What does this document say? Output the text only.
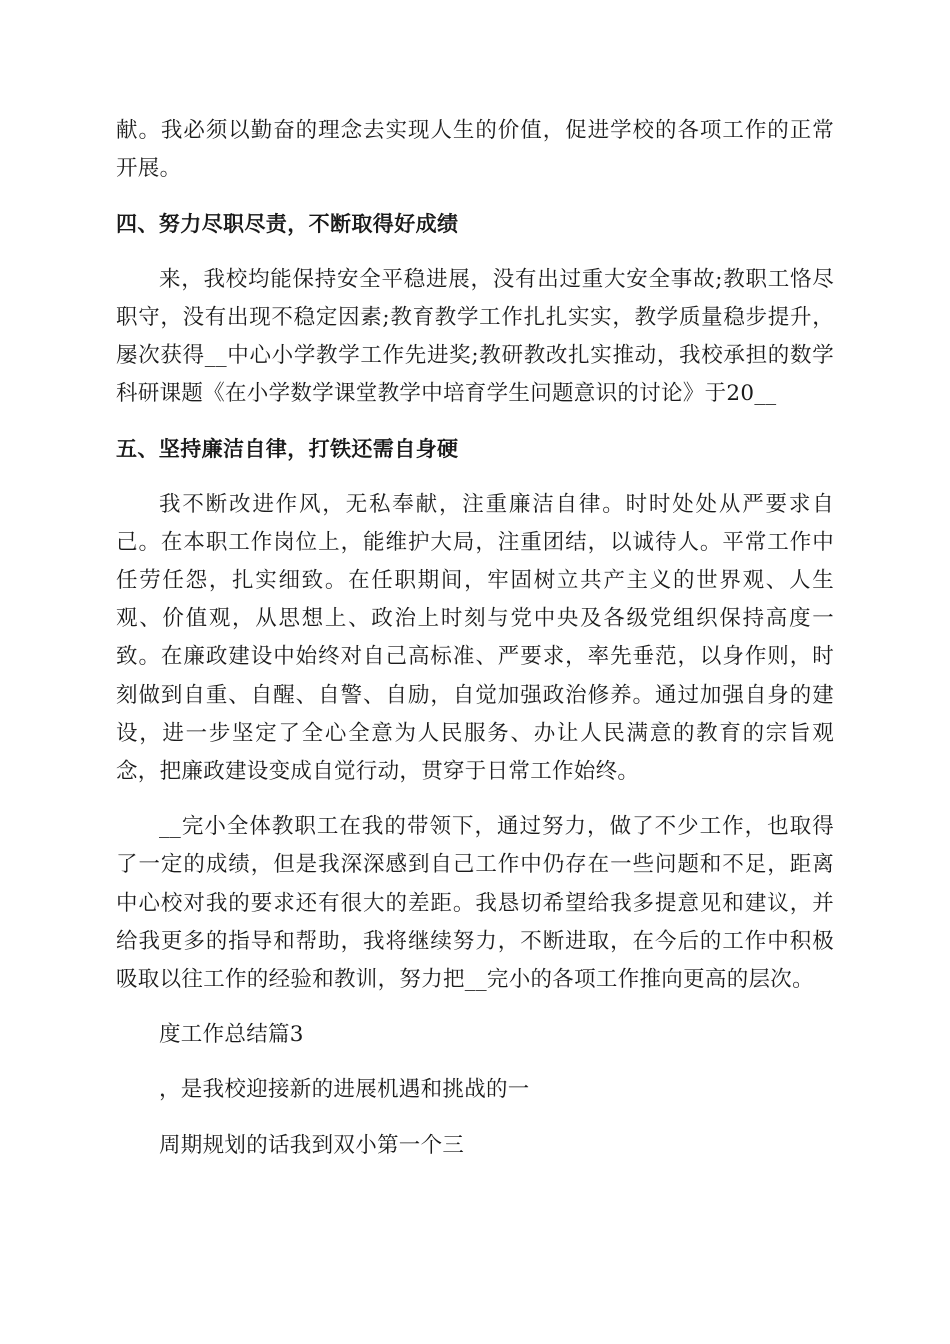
献。我必须以勤奋的理念去实现人生的价值，促进学校的各项工作的正常开展。

四、努力尽职尽责，不断取得好成绩

来，我校均能保持安全平稳进展，没有出过重大安全事故;教职工恪尽职守，没有出现不稳定因素;教育教学工作扎扎实实，教学质量稳步提升，屡次获得__中心小学教学工作先进奖;教研教改扎实推动，我校承担的数学科研课题《在小学数学课堂教学中培育学生问题意识的讨论》于20__

五、坚持廉洁自律，打铁还需自身硬

我不断改进作风，无私奉献，注重廉洁自律。时时处处从严要求自己。在本职工作岗位上，能维护大局，注重团结，以诚待人。平常工作中任劳任怨，扎实细致。在任职期间，牢固树立共产主义的世界观、人生观、价值观，从思想上、政治上时刻与党中央及各级党组织保持高度一致。在廉政建设中始终对自己高标准、严要求，率先垂范，以身作则，时刻做到自重、自醒、自警、自励，自觉加强政治修养。通过加强自身的建设，进一步坚定了全心全意为人民服务、办让人民满意的教育的宗旨观念，把廉政建设变成自觉行动，贯穿于日常工作始终。

__完小全体教职工在我的带领下，通过努力，做了不少工作，也取得了一定的成绩，但是我深深感到自己工作中仍存在一些问题和不足，距离中心校对我的要求还有很大的差距。我恳切希望给我多提意见和建议，并给我更多的指导和帮助，我将继续努力，不断进取，在今后的工作中积极吸取以往工作的经验和教训，努力把__完小的各项工作推向更高的层次。

度工作总结篇3

，是我校迎接新的进展机遇和挑战的一

周期规划的话我到双小第一个三
